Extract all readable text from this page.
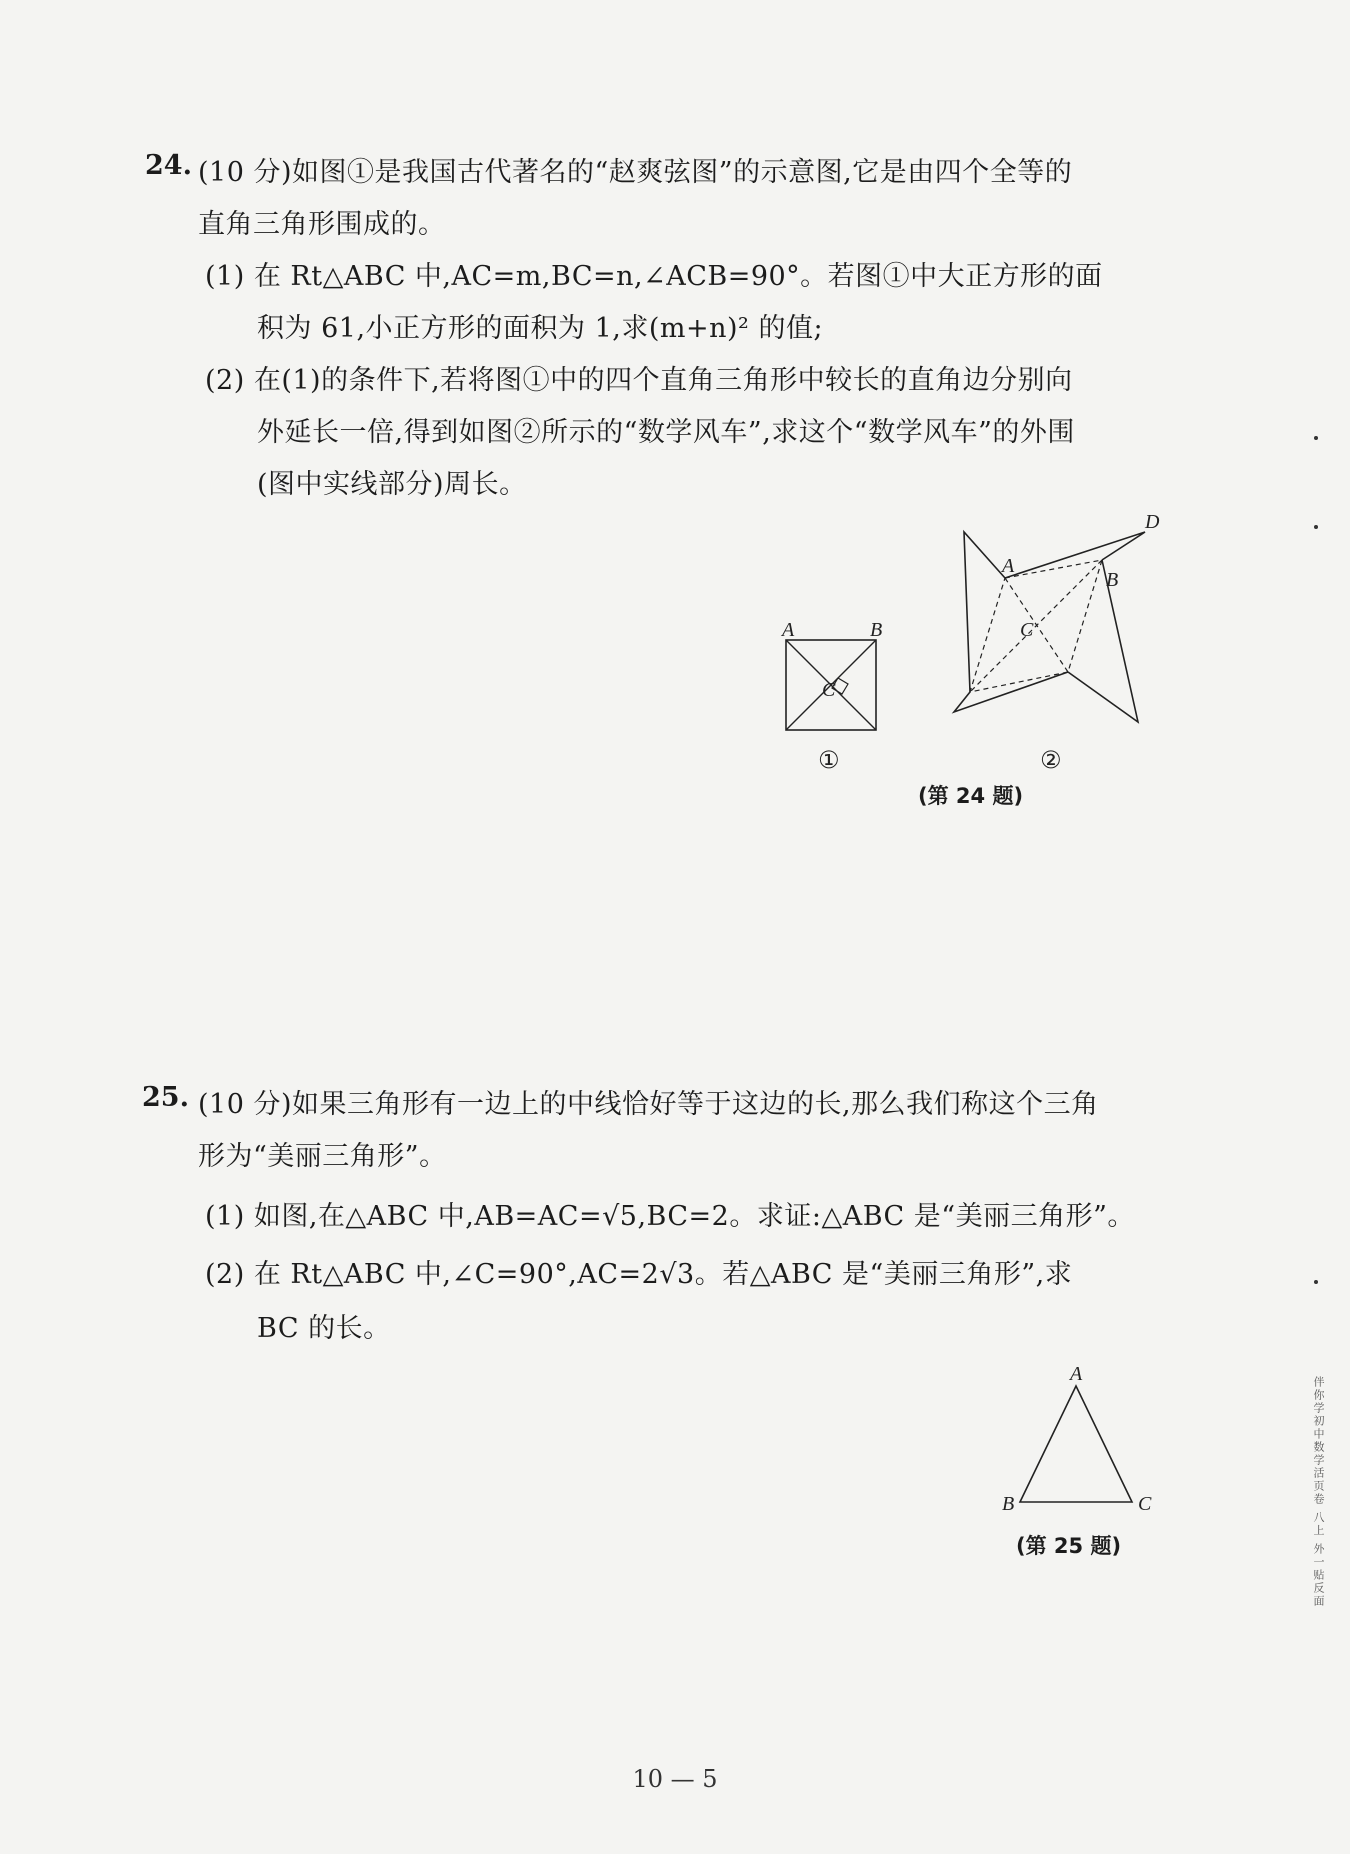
24. (10 分)如图①是我国古代著名的“赵爽弦图”的示意图,它是由四个全等的
直角三角形围成的。
(1) 在 Rt△ABC 中,AC=m,BC=n,∠ACB=90°。若图①中大正方形的面
积为 61,小正方形的面积为 1,求(m+n)² 的值;
(2) 在(1)的条件下,若将图①中的四个直角三角形中较长的直角边分别向
外延长一倍,得到如图②所示的“数学风车”,求这个“数学风车”的外围
(图中实线部分)周长。
A	B
C
①
D
A
B
C
②
(第 24 题)
25. (10 分)如果三角形有一边上的中线恰好等于这边的长,那么我们称这个三角
形为“美丽三角形”。
(1) 如图,在△ABC 中,AB=AC=√5,BC=2。求证:△ABC 是“美丽三角形”。
(2) 在 Rt△ABC 中,∠C=90°,AC=2√3。若△ABC 是“美丽三角形”,求
BC 的长。
A
B	C
(第 25 题)	伴你学初中数学活页卷 八上 外一贴反面
10 — 5
